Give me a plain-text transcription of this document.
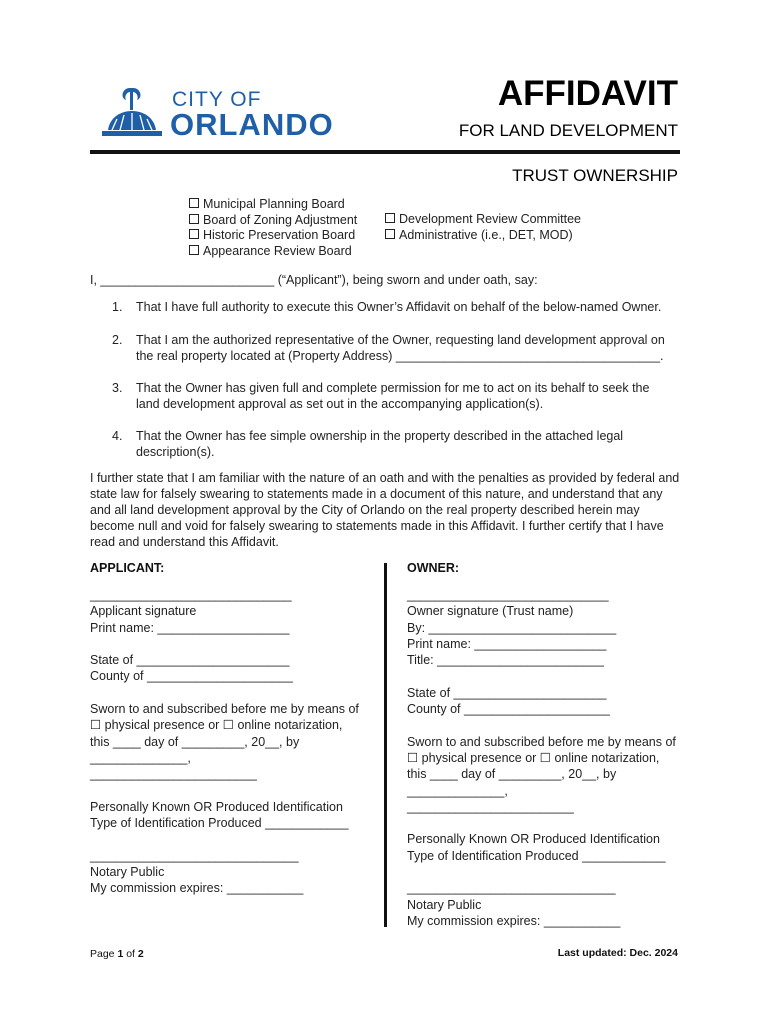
CITY OF
ORLANDO
AFFIDAVIT
FOR LAND DEVELOPMENT
TRUST OWNERSHIP
Municipal Planning Board
Board of Zoning Adjustment
Historic Preservation Board
Appearance Review Board
Development Review Committee
Administrative (i.e., DET, MOD)
I, _________________________ (“Applicant”), being sworn and under oath, say:
1. That I have full authority to execute this Owner’s Affidavit on behalf of the below-named Owner.
2. That I am the authorized representative of the Owner, requesting land development approval on the real property located at (Property Address) ______________________________________.
3. That the Owner has given full and complete permission for me to act on its behalf to seek the land development approval as set out in the accompanying application(s).
4. That the Owner has fee simple ownership in the property described in the attached legal description(s).
I further state that I am familiar with the nature of an oath and with the penalties as provided by federal and state law for falsely swearing to statements made in a document of this nature, and understand that any and all land development approval by the City of Orlando on the real property described herein may become null and void for falsely swearing to statements made in this Affidavit. I further certify that I have read and understand this Affidavit.
APPLICANT:	OWNER:
_____________________________
Applicant signature
Print name: ___________________
State of ______________________
County of _____________________
Sworn to and subscribed before me by means of
☐ physical presence or ☐ online notarization,
this ____ day of _________, 20__, by
______________,
________________________
Personally Known OR Produced Identification
Type of Identification Produced ____________
______________________________
Notary Public
My commission expires: ___________
_____________________________
Owner signature (Trust name)
By: ___________________________
Print name: ___________________
Title: ________________________
State of ______________________
County of _____________________
Sworn to and subscribed before me by means of
☐ physical presence or ☐ online notarization,
this ____ day of _________, 20__, by
______________,
________________________
Personally Known OR Produced Identification
Type of Identification Produced ____________
______________________________
Notary Public
My commission expires: ___________
Page 1 of 2	Last updated: Dec. 2024
